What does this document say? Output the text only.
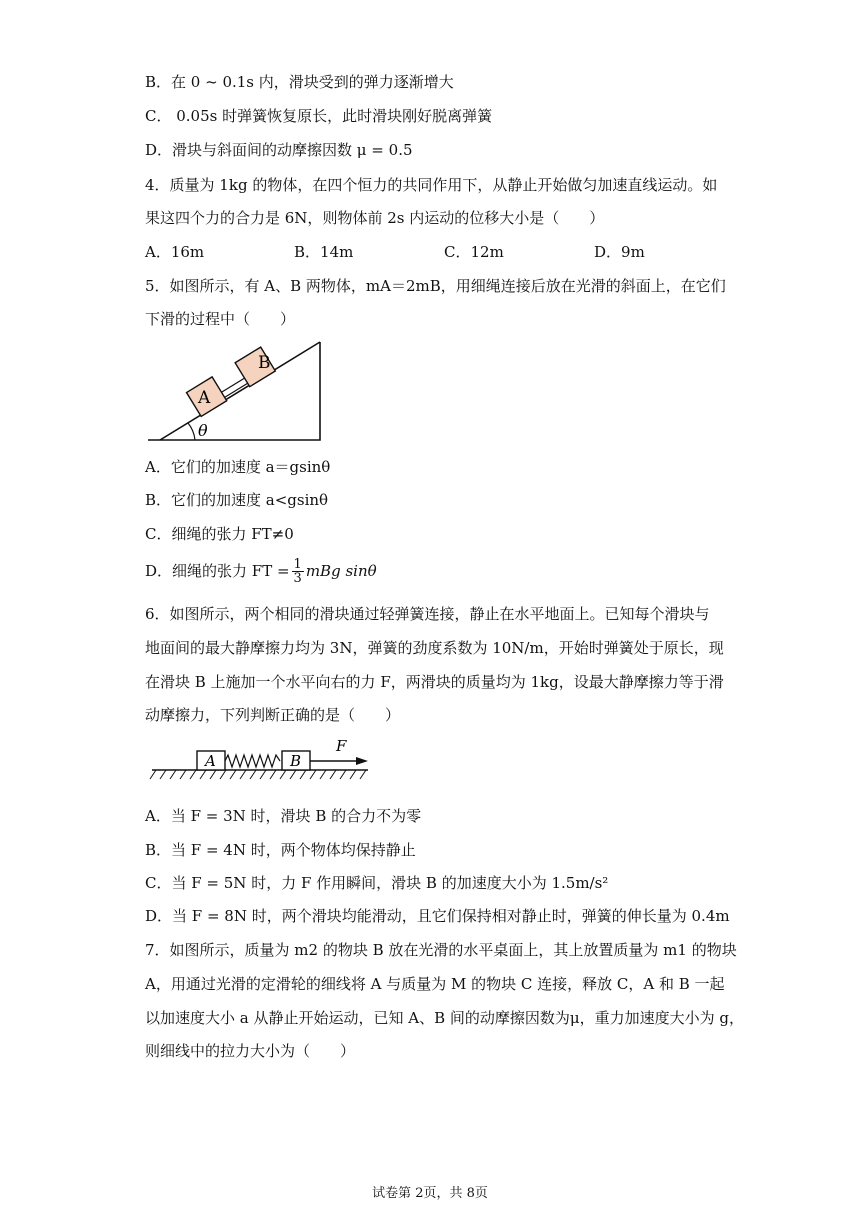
B．在 0 ~ 0.1s 内，滑块受到的弹力逐渐增大
C． 0.05s 时弹簧恢复原长，此时滑块刚好脱离弹簧
D．滑块与斜面间的动摩擦因数 μ = 0.5
4．质量为 1kg 的物体，在四个恒力的共同作用下，从静止开始做匀加速直线运动。如
果这四个力的合力是 6N，则物体前 2s 内运动的位移大小是（　　）
A．16m	B．14m	C．12m	D．9m
5．如图所示，有 A、B 两物体，mA＝2mB，用细绳连接后放在光滑的斜面上，在它们
下滑的过程中（　　）
A
B
θ
A．它们的加速度 a＝gsinθ
B．它们的加速度 a<gsinθ
C．细绳的张力 FT≠0
D．细绳的张力 FT = $\frac{1}{3}$ mBg sinθ
6．如图所示，两个相同的滑块通过轻弹簧连接，静止在水平地面上。已知每个滑块与
地面间的最大静摩擦力均为 3N，弹簧的劲度系数为 10N/m，开始时弹簧处于原长，现
在滑块 B 上施加一个水平向右的力 F，两滑块的质量均为 1kg，设最大静摩擦力等于滑
动摩擦力，下列判断正确的是（　　）
A	B
F
A．当 F = 3N 时，滑块 B 的合力不为零
B．当 F = 4N 时，两个物体均保持静止
C．当 F = 5N 时，力 F 作用瞬间，滑块 B 的加速度大小为 1.5m/s²
D．当 F = 8N 时，两个滑块均能滑动，且它们保持相对静止时，弹簧的伸长量为 0.4m
7．如图所示，质量为 m2 的物块 B 放在光滑的水平桌面上，其上放置质量为 m1 的物块
A，用通过光滑的定滑轮的细线将 A 与质量为 M 的物块 C 连接，释放 C，A 和 B 一起
以加速度大小 a 从静止开始运动，已知 A、B 间的动摩擦因数为μ，重力加速度大小为 g，
则细线中的拉力大小为（　　）
试卷第 2页，共 8页
